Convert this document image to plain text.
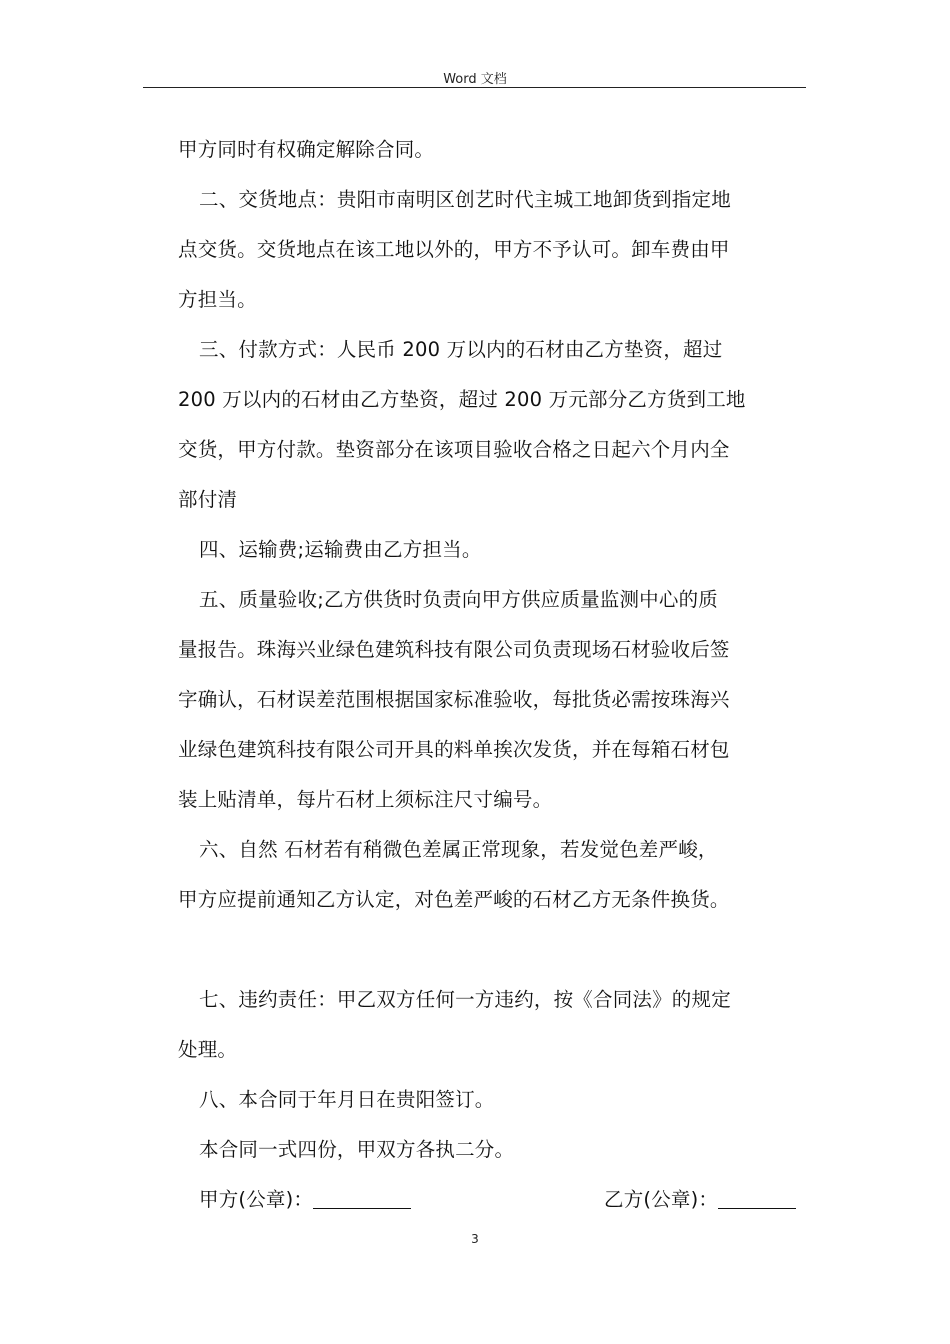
Word 文档
甲方同时有权确定解除合同。
二、交货地点：贵阳市南明区创艺时代主城工地卸货到指定地
点交货。交货地点在该工地以外的，甲方不予认可。卸车费由甲
方担当。
三、付款方式：人民币 200 万以内的石材由乙方垫资，超过
200 万以内的石材由乙方垫资，超过 200 万元部分乙方货到工地
交货，甲方付款。垫资部分在该项目验收合格之日起六个月内全
部付清
四、运输费;运输费由乙方担当。
五、质量验收;乙方供货时负责向甲方供应质量监测中心的质
量报告。珠海兴业绿色建筑科技有限公司负责现场石材验收后签
字确认，石材误差范围根据国家标准验收，每批货必需按珠海兴
业绿色建筑科技有限公司开具的料单挨次发货，并在每箱石材包
装上贴清单，每片石材上须标注尺寸编号。
六、自然 石材若有稍微色差属正常现象，若发觉色差严峻，
甲方应提前通知乙方认定，对色差严峻的石材乙方无条件换货。
七、违约责任：甲乙双方任何一方违约，按《合同法》的规定
处理。
八、本合同于年月日在贵阳签订。
本合同一式四份，甲双方各执二分。
甲方(公章)：	乙方(公章)：
3
